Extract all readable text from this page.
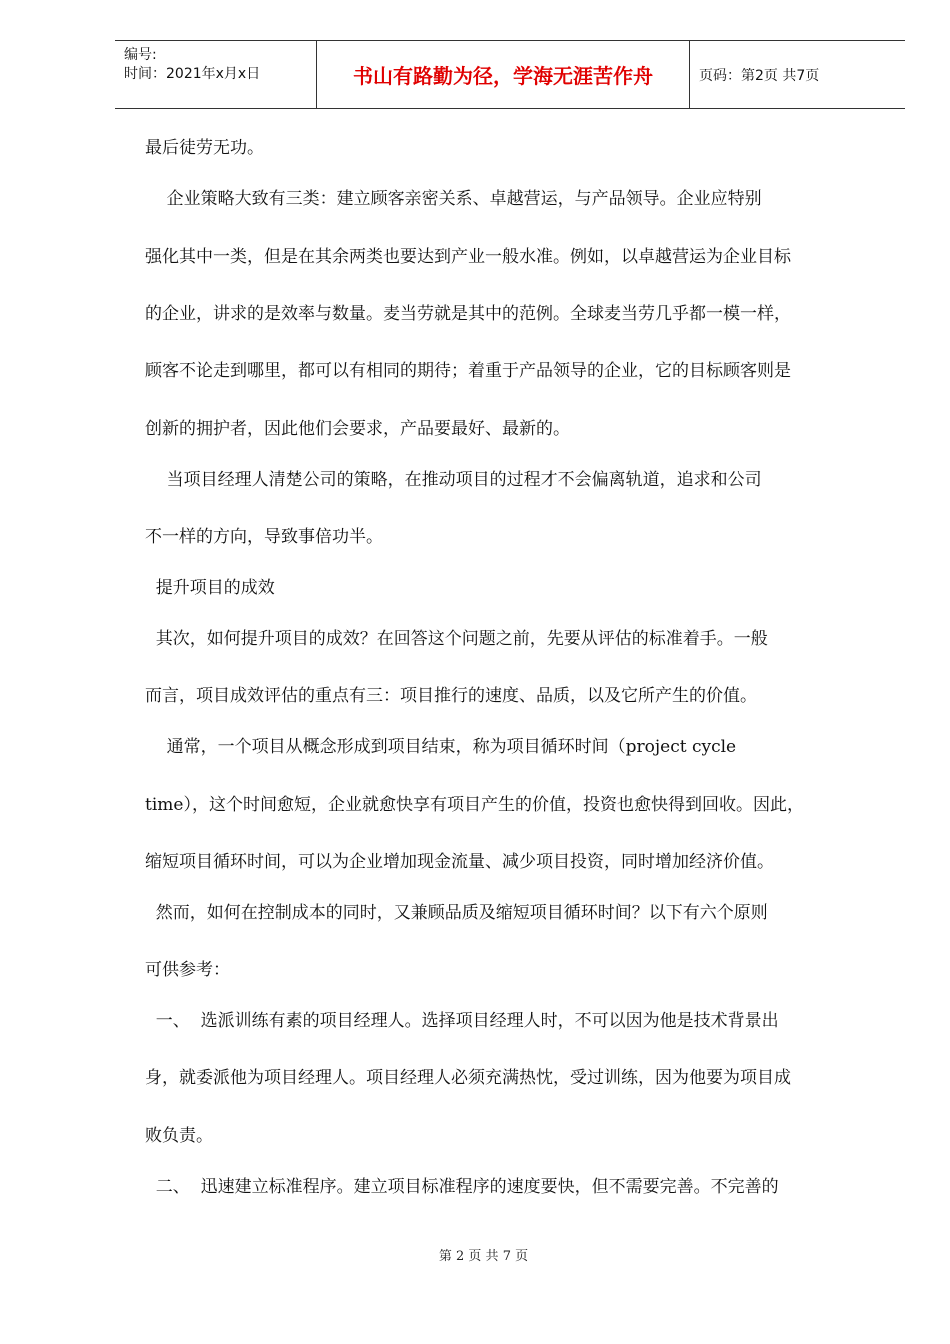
编号:
时间：2021年x月x日	书山有路勤为径，学海无涯苦作舟	页码：第2页 共7页
最后徒劳无功。
企业策略大致有三类：建立顾客亲密关系、卓越营运，与产品领导。企业应特别
强化其中一类，但是在其余两类也要达到产业一般水准。例如，以卓越营运为企业目标
的企业，讲求的是效率与数量。麦当劳就是其中的范例。全球麦当劳几乎都一模一样，
顾客不论走到哪里，都可以有相同的期待；着重于产品领导的企业，它的目标顾客则是
创新的拥护者，因此他们会要求，产品要最好、最新的。
当项目经理人清楚公司的策略，在推动项目的过程才不会偏离轨道，追求和公司
不一样的方向，导致事倍功半。
提升项目的成效
其次，如何提升项目的成效？在回答这个问题之前，先要从评估的标准着手。一般
而言，项目成效评估的重点有三：项目推行的速度、品质，以及它所产生的价值。
通常，一个项目从概念形成到项目结束，称为项目循环时间（project cycle
time），这个时间愈短，企业就愈快享有项目产生的价值，投资也愈快得到回收。因此，
缩短项目循环时间，可以为企业增加现金流量、减少项目投资，同时增加经济价值。
然而，如何在控制成本的同时，又兼顾品质及缩短项目循环时间？以下有六个原则
可供参考：
一、  选派训练有素的项目经理人。选择项目经理人时，不可以因为他是技术背景出
身，就委派他为项目经理人。项目经理人必须充满热忱，受过训练，因为他要为项目成
败负责。
二、  迅速建立标准程序。建立项目标准程序的速度要快，但不需要完善。不完善的
第 2 页 共 7 页
